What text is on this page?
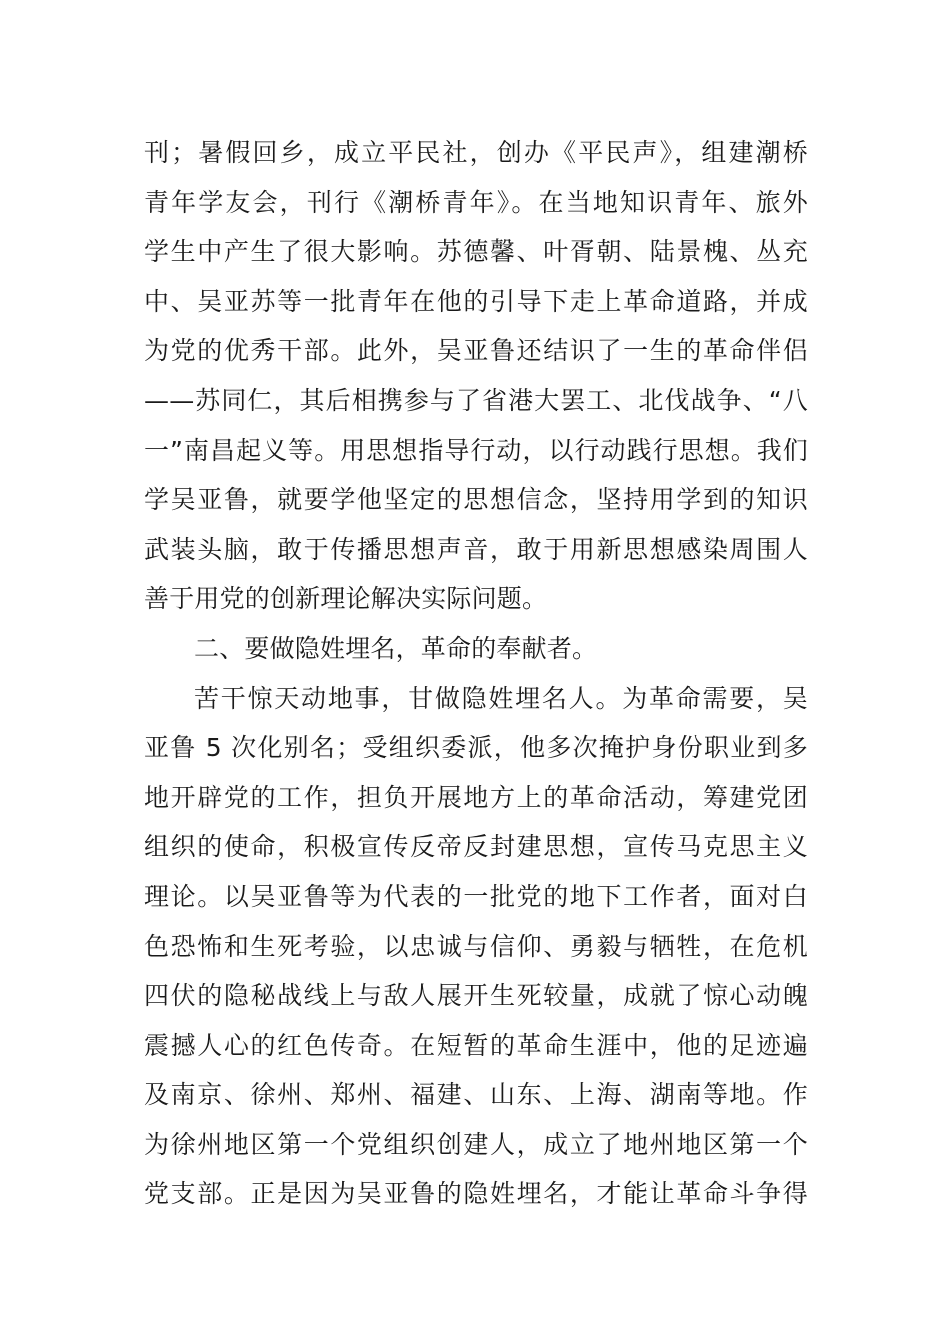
刊；暑假回乡，成立平民社，创办《平民声》，组建潮桥
青年学友会，刊行《潮桥青年》。在当地知识青年、旅外
学生中产生了很大影响。苏德馨、叶胥朝、陆景槐、丛充
中、吴亚苏等一批青年在他的引导下走上革命道路，并成
为党的优秀干部。此外，吴亚鲁还结识了一生的革命伴侣
——苏同仁，其后相携参与了省港大罢工、北伐战争、“八
一”南昌起义等。用思想指导行动，以行动践行思想。我们
学吴亚鲁，就要学他坚定的思想信念，坚持用学到的知识
武装头脑，敢于传播思想声音，敢于用新思想感染周围人
善于用党的创新理论解决实际问题。
二、要做隐姓埋名，革命的奉献者。
苦干惊天动地事，甘做隐姓埋名人。为革命需要，吴
亚鲁 5 次化别名；受组织委派，他多次掩护身份职业到多
地开辟党的工作，担负开展地方上的革命活动，筹建党团
组织的使命，积极宣传反帝反封建思想，宣传马克思主义
理论。以吴亚鲁等为代表的一批党的地下工作者，面对白
色恐怖和生死考验，以忠诚与信仰、勇毅与牺牲，在危机
四伏的隐秘战线上与敌人展开生死较量，成就了惊心动魄
震撼人心的红色传奇。在短暂的革命生涯中，他的足迹遍
及南京、徐州、郑州、福建、山东、上海、湖南等地。作
为徐州地区第一个党组织创建人，成立了地州地区第一个
党支部。正是因为吴亚鲁的隐姓埋名，才能让革命斗争得
